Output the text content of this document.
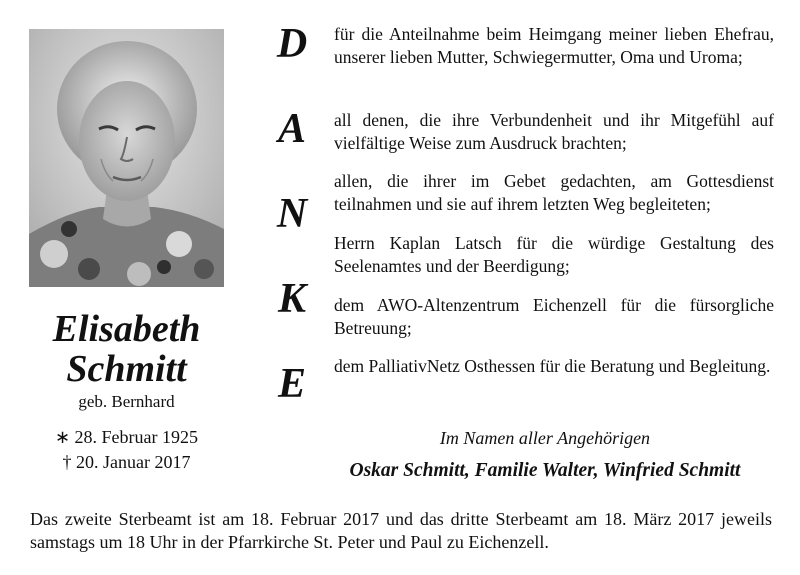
Elisabeth
Schmitt
geb. Bernhard
∗ 28. Februar 1925
† 20. Januar 2017
D
A
N
K
E
für die Anteilnahme beim Heimgang meiner lieben Ehefrau, unserer lieben Mutter, Schwiegermutter, Oma und Uroma;
all denen, die ihre Verbundenheit und ihr Mitgefühl auf vielfältige Weise zum Ausdruck brachten;
allen, die ihrer im Gebet gedachten, am Gottesdienst teilnahmen und sie auf ihrem letzten Weg begleiteten;
Herrn Kaplan Latsch für die würdige Gestaltung des Seelenamtes und der Beerdigung;
dem AWO-Altenzentrum Eichenzell für die fürsorgliche Betreuung;
dem PalliativNetz Osthessen für die Beratung und Begleitung.
Im Namen aller Angehörigen
Oskar Schmitt, Familie Walter, Winfried Schmitt
Das zweite Sterbeamt ist am 18. Februar 2017 und das dritte Sterbeamt am 18. März 2017 jeweils samstags um 18 Uhr in der Pfarrkirche St. Peter und Paul zu Eichenzell.
